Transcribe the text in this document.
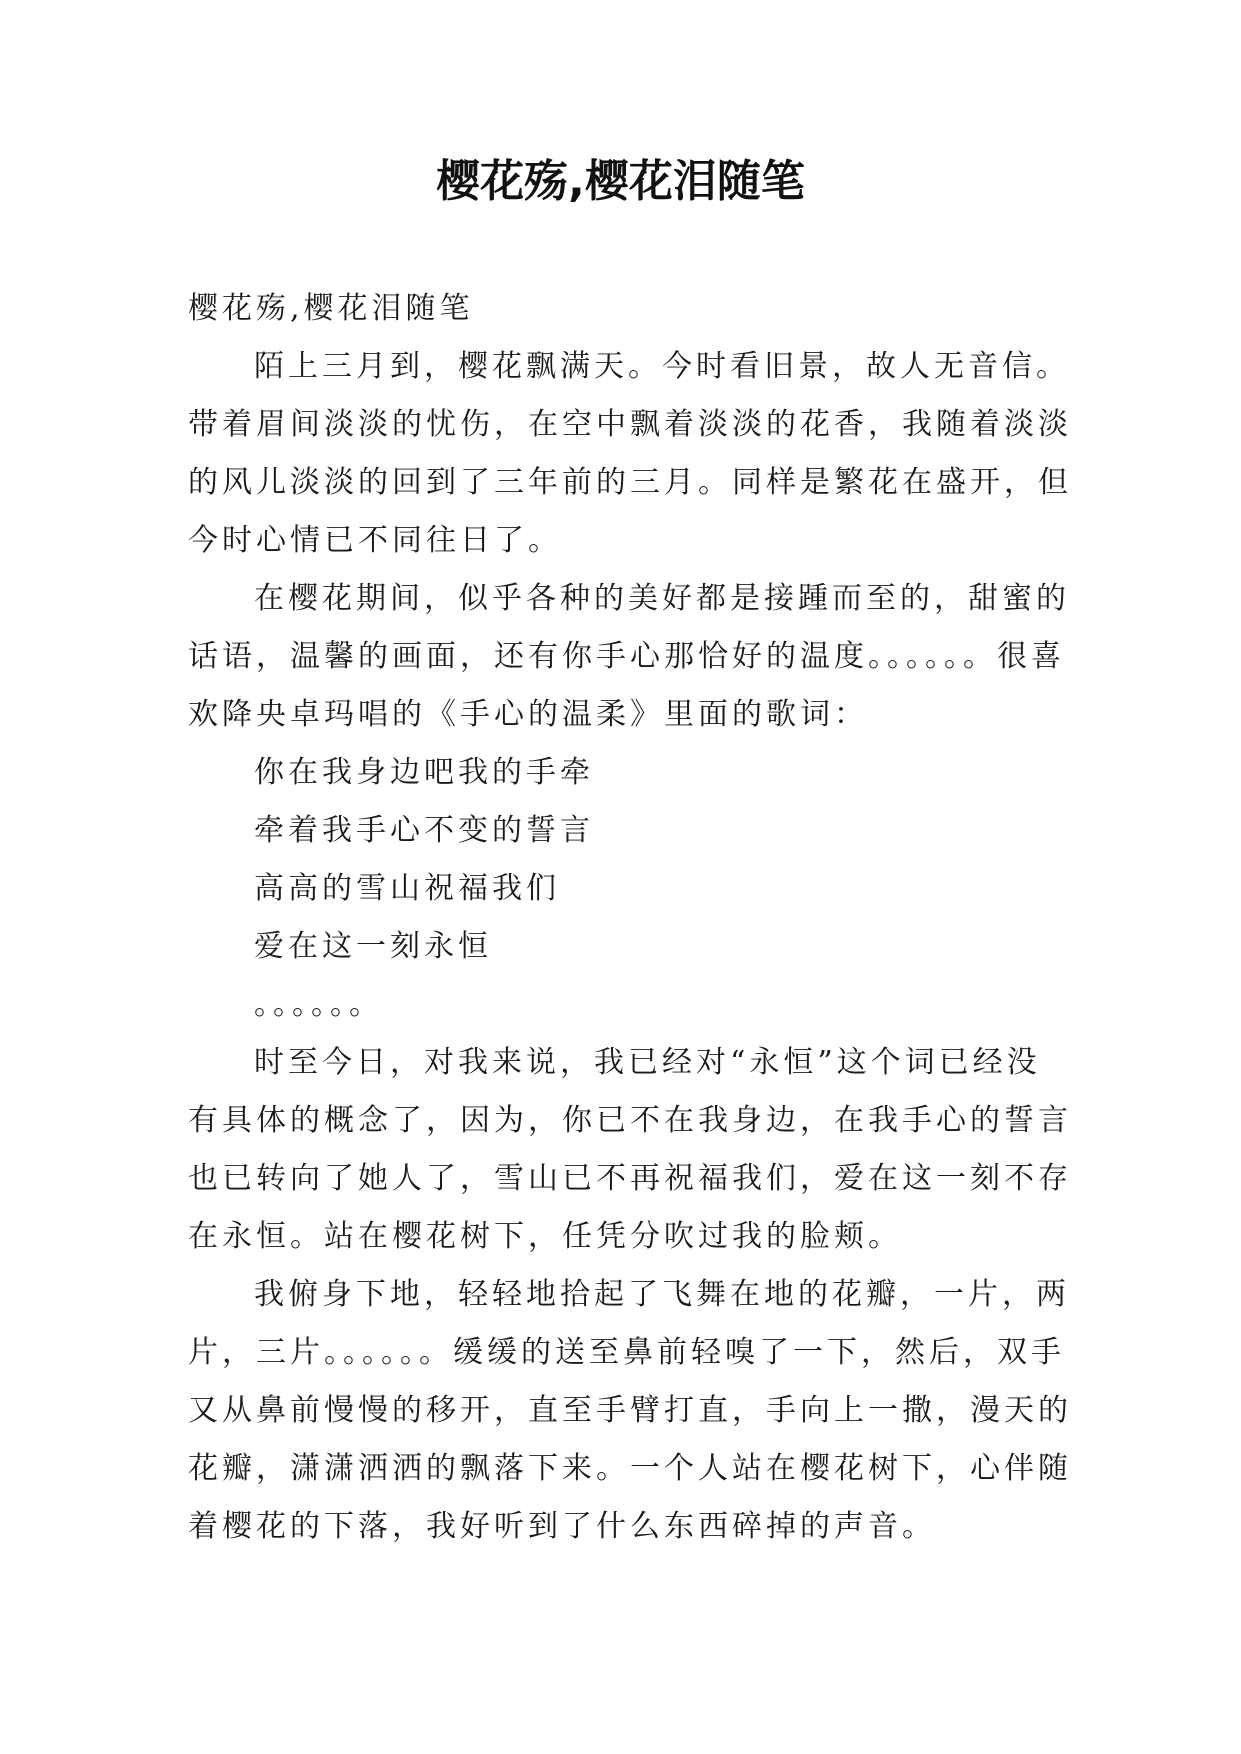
樱花殇,樱花泪随笔
樱花殇,樱花泪随笔
陌上三月到，樱花飘满天。今时看旧景，故人无音信。
带着眉间淡淡的忧伤，在空中飘着淡淡的花香，我随着淡淡
的风儿淡淡的回到了三年前的三月。同样是繁花在盛开，但
今时心情已不同往日了。
在樱花期间，似乎各种的美好都是接踵而至的，甜蜜的
话语，温馨的画面，还有你手心那恰好的温度。。。。。。很喜
欢降央卓玛唱的《手心的温柔》里面的歌词：
你在我身边吧我的手牵
牵着我手心不变的誓言
高高的雪山祝福我们
爱在这一刻永恒
。。。。。。
时至今日，对我来说，我已经对“永恒”这个词已经没
有具体的概念了，因为，你已不在我身边，在我手心的誓言
也已转向了她人了，雪山已不再祝福我们，爱在这一刻不存
在永恒。站在樱花树下，任凭分吹过我的脸颊。
我俯身下地，轻轻地拾起了飞舞在地的花瓣，一片，两
片，三片。。。。。。缓缓的送至鼻前轻嗅了一下，然后，双手
又从鼻前慢慢的移开，直至手臂打直，手向上一撒，漫天的
花瓣，潇潇洒洒的飘落下来。一个人站在樱花树下，心伴随
着樱花的下落，我好听到了什么东西碎掉的声音。
